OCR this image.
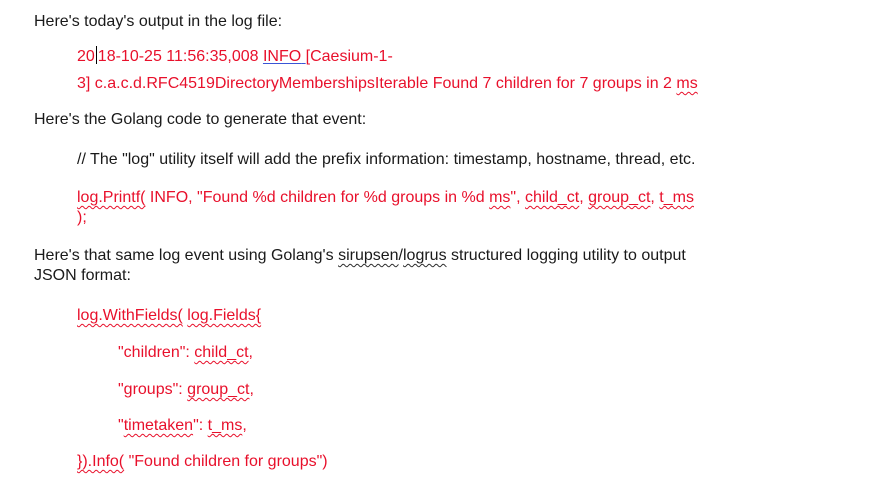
Here's today's output in the log file:
20 18-10-25 11:56:35,008 INFO [Caesium-1-
3] c.a.c.d.RFC4519DirectoryMembershipsIterable Found 7 children for 7 groups in 2 ms
Here's the Golang code to generate that event:
// The "log" utility itself will add the prefix information: timestamp, hostname, thread, etc.
log.Printf( INFO, "Found %d children for %d groups in %d ms", child_ct, group_ct, t_ms
);
Here's that same log event using Golang's sirupsen/logrus structured logging utility to output
JSON format:
log.WithFields( log.Fields{
"children": child_ct,
"groups": group_ct,
"timetaken": t_ms,
}).Info( "Found children for groups")
